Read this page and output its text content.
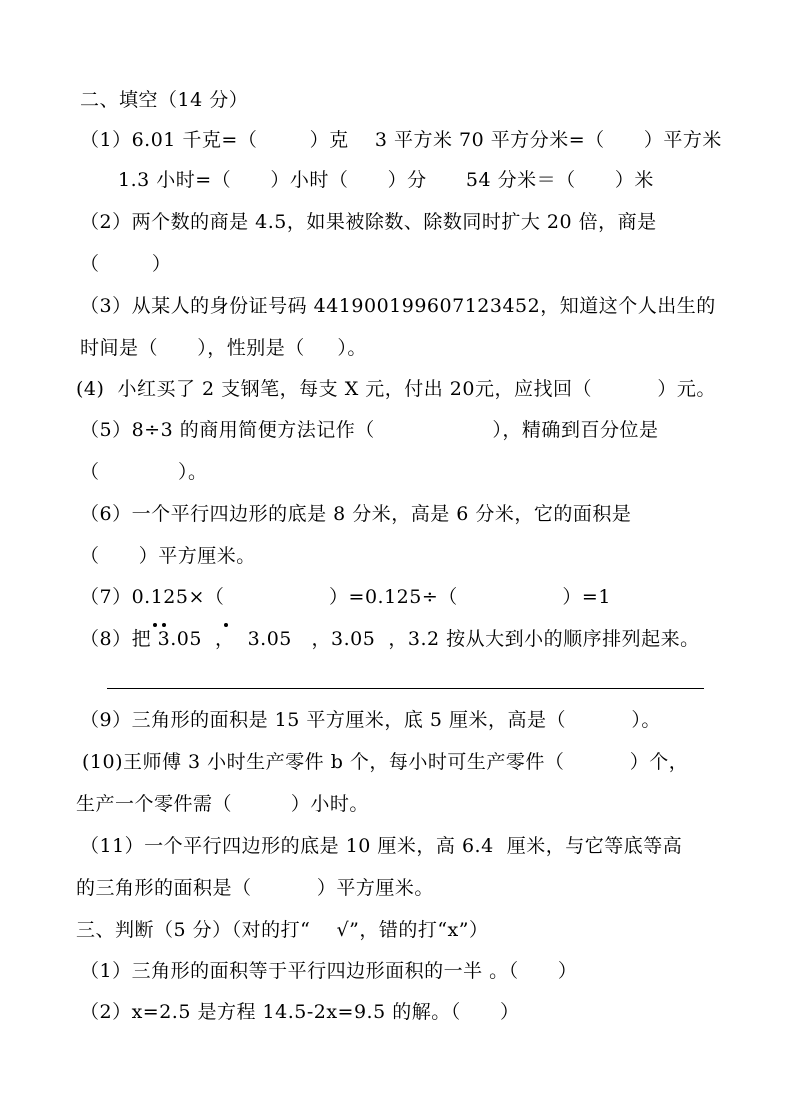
二、填空（14 分）
（1）6.01 千克=（        ）克    3 平方米 70 平方分米=（      ）平方米
1.3 小时=（      ）小时（      ）分      54 分米＝（      ）米
（2）两个数的商是 4.5，如果被除数、除数同时扩大 20 倍，商是
（        ）
（3）从某人的身份证号码 441900199607123452，知道这个人出生的
时间是（      ），性别是（     ）。
(4)  小红买了 2 支钢笔，每支 X 元，付出 20元，应找回（          ）元。
（5）8÷3 的商用简便方法记作（                  ），精确到百分位是
（            ）。
（6）一个平行四边形的底是 8 分米，高是 6 分米，它的面积是
（      ）平方厘米。
（7）0.125×（                ）=0.125÷（                ）=1
（8）把 3.05  ，  3.05   ，3.05  ，3.2 按从大到小的顺序排列起来。
（9）三角形的面积是 15 平方厘米，底 5 厘米，高是（          ）。
(10)王师傅 3 小时生产零件 b 个，每小时可生产零件（          ）个，
生产一个零件需（         ）小时。
（11）一个平行四边形的底是 10 厘米，高 6.4  厘米，与它等底等高
的三角形的面积是（          ）平方厘米。
三、判断（5 分）（对的打“    √”，错的打“x”）
（1）三角形的面积等于平行四边形面积的一半 。（      ）
（2）x=2.5 是方程 14.5-2x=9.5 的解。（      ）
